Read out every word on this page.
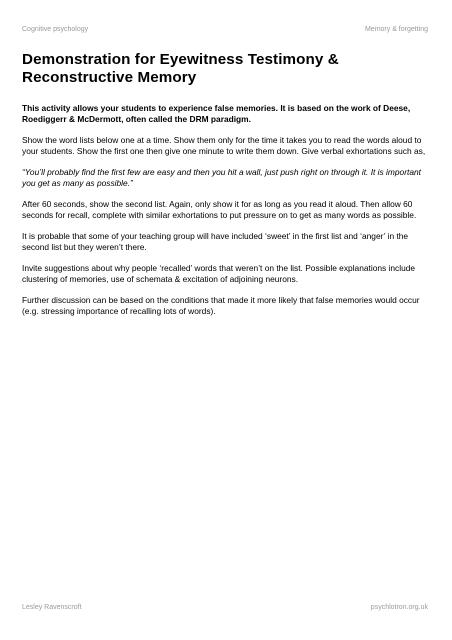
Cognitive psychology	Memory & forgetting
Demonstration for Eyewitness Testimony & Reconstructive Memory

This activity allows your students to experience false memories. It is based on the work of Deese, Roediggerr & McDermott, often called the DRM paradigm.

Show the word lists below one at a time. Show them only for the time it takes you to read the words aloud to your students. Show the first one then give one minute to write them down. Give verbal exhortations such as,

“You’ll probably find the first few are easy and then you hit a wall, just push right on through it. It is important you get as many as possible.”

After 60 seconds, show the second list. Again, only show it for as long as you read it aloud. Then allow 60 seconds for recall, complete with similar exhortations to put pressure on to get as many words as possible.

It is probable that some of your teaching group will have included ‘sweet’ in the first list and ‘anger’ in the second list but they weren’t there.

Invite suggestions about why people ‘recalled’ words that weren’t on the list. Possible explanations include clustering of memories, use of schemata & excitation of adjoining neurons.

Further discussion can be based on the conditions that made it more likely that false memories would occur (e.g. stressing importance of recalling lots of words).

Lesley Ravenscroft	psychlotron.org.uk
